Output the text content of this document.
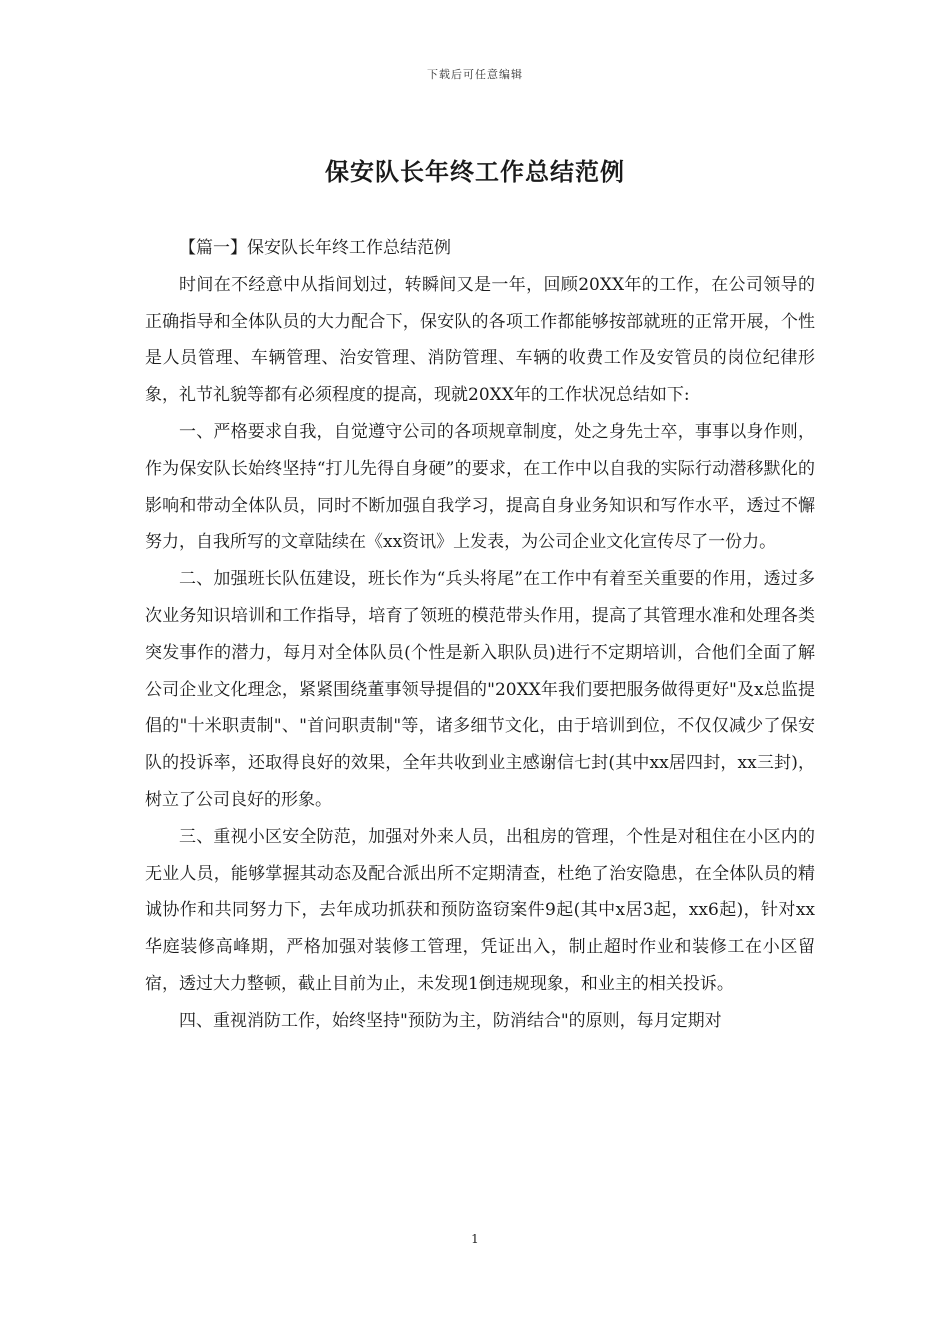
下载后可任意编辑
保安队长年终工作总结范例

【篇一】保安队长年终工作总结范例

时间在不经意中从指间划过，转瞬间又是一年，回顾20XX年的工作，在公司领导的正确指导和全体队员的大力配合下，保安队的各项工作都能够按部就班的正常开展，个性是人员管理、车辆管理、治安管理、消防管理、车辆的收费工作及安管员的岗位纪律形象，礼节礼貌等都有必须程度的提高，现就20XX年的工作状况总结如下:

一、严格要求自我，自觉遵守公司的各项规章制度，处之身先士卒，事事以身作则，作为保安队长始终坚持“打儿先得自身硬”的要求，在工作中以自我的实际行动潜移默化的影响和带动全体队员，同时不断加强自我学习，提高自身业务知识和写作水平，透过不懈努力，自我所写的文章陆续在《xx资讯》上发表，为公司企业文化宣传尽了一份力。

二、加强班长队伍建设，班长作为“兵头将尾”在工作中有着至关重要的作用，透过多次业务知识培训和工作指导，培育了领班的模范带头作用，提高了其管理水准和处理各类突发事作的潜力，每月对全体队员(个性是新入职队员)进行不定期培训，合他们全面了解公司企业文化理念，紧紧围绕董事领导提倡的"20XX年我们要把服务做得更好"及x总监提倡的"十米职责制"、"首问职责制"等，诸多细节文化，由于培训到位，不仅仅减少了保安队的投诉率，还取得良好的效果，全年共收到业主感谢信七封(其中xx居四封，xx三封)，树立了公司良好的形象。

三、重视小区安全防范，加强对外来人员，出租房的管理，个性是对租住在小区内的无业人员，能够掌握其动态及配合派出所不定期清查，杜绝了治安隐患，在全体队员的精诚协作和共同努力下，去年成功抓获和预防盗窃案件9起(其中x居3起，xx6起)，针对xx华庭装修高峰期，严格加强对装修工管理，凭证出入，制止超时作业和装修工在小区留宿，透过大力整顿，截止目前为止，未发现1倒违规现象，和业主的相关投诉。

四、重视消防工作，始终坚持"预防为主，防消结合"的原则，每月定期对

1
